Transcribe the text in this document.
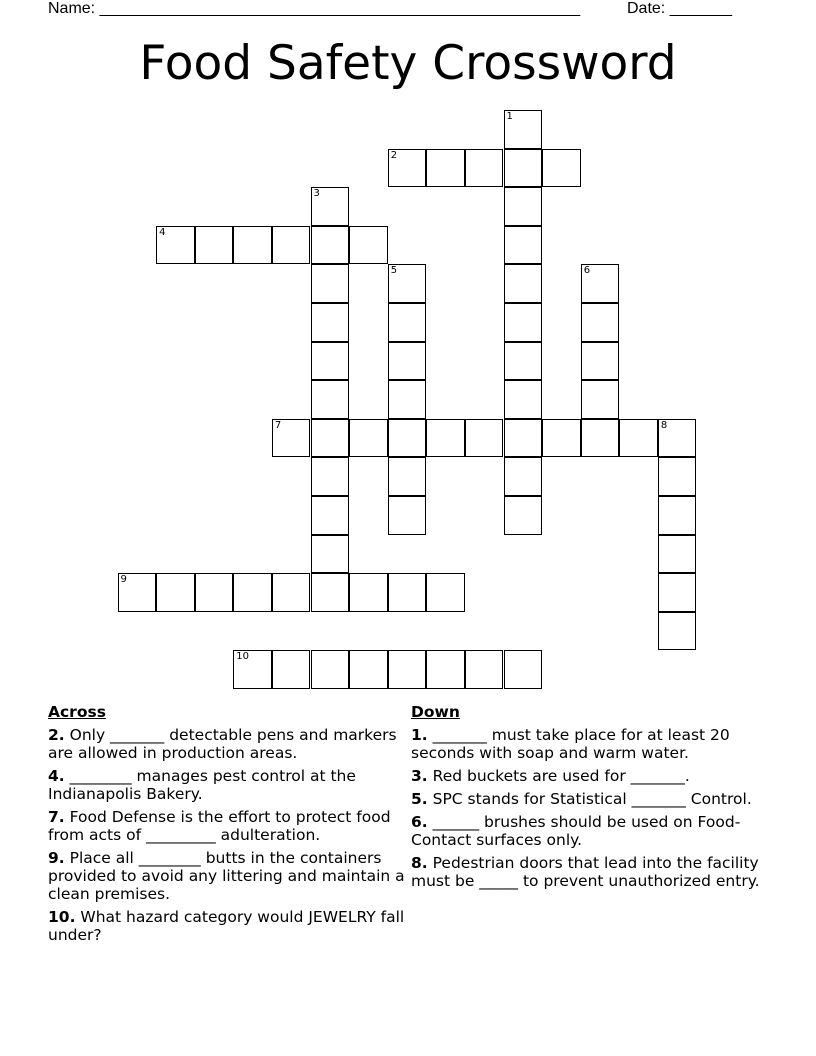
Name: ______________________________________________________	Date: _______
Food Safety Crossword
1
2
3
4
5	6
7	8
9
10
Across
2. Only _______ detectable pens and markers are allowed in production areas.
4. ________ manages pest control at the Indianapolis Bakery.
7. Food Defense is the effort to protect food from acts of _________ adulteration.
9. Place all ________ butts in the containers provided to avoid any littering and maintain a clean premises.
10. What hazard category would JEWELRY fall under?
Down
1. _______ must take place for at least 20 seconds with soap and warm water.
3. Red buckets are used for _______.
5. SPC stands for Statistical _______ Control.
6. ______ brushes should be used on Food-Contact surfaces only.
8. Pedestrian doors that lead into the facility must be _____ to prevent unauthorized entry.
